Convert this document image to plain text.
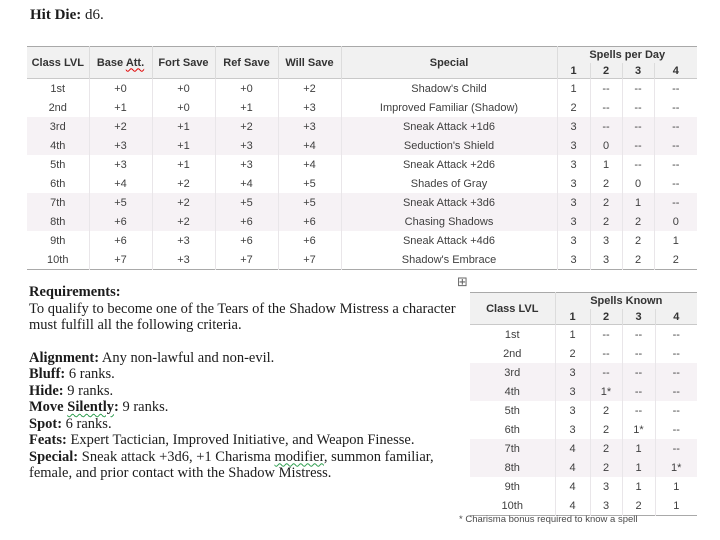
Hit Die: d6.
Class LVL	Base Att.	Fort Save	Ref Save	Will Save	Special	Spells per Day			
						1	2	3	4
1st	+0	+0	+0	+2	Shadow's Child	1	--	--	--
2nd	+1	+0	+1	+3	Improved Familiar (Shadow)	2	--	--	--
3rd	+2	+1	+2	+3	Sneak Attack +1d6	3	--	--	--
4th	+3	+1	+3	+4	Seduction's Shield	3	0	--	--
5th	+3	+1	+3	+4	Sneak Attack +2d6	3	1	--	--
6th	+4	+2	+4	+5	Shades of Gray	3	2	0	--
7th	+5	+2	+5	+5	Sneak Attack +3d6	3	2	1	--
8th	+6	+2	+6	+6	Chasing Shadows	3	2	2	0
9th	+6	+3	+6	+6	Sneak Attack +4d6	3	3	2	1
10th	+7	+3	+7	+7	Shadow's Embrace	3	3	2	2
Requirements:
To qualify to become one of the Tears of the Shadow Mistress a character must fulfill all the following criteria.
Alignment: Any non-lawful and non-evil.
Bluff: 6 ranks.
Hide: 9 ranks.
Move Silently: 9 ranks.
Spot: 6 ranks.
Feats: Expert Tactician, Improved Initiative, and Weapon Finesse.
Special: Sneak attack +3d6, +1 Charisma modifier, summon familiar, female, and prior contact with the Shadow Mistress.
⊞
Class LVL	Spells Known			
	1	2	3	4
1st	1	--	--	--
2nd	2	--	--	--
3rd	3	--	--	--
4th	3	1*	--	--
5th	3	2	--	--
6th	3	2	1*	--
7th	4	2	1	--
8th	4	2	1	1*
9th	4	3	1	1
10th	4	3	2	1
* Charisma bonus required to know a spell
